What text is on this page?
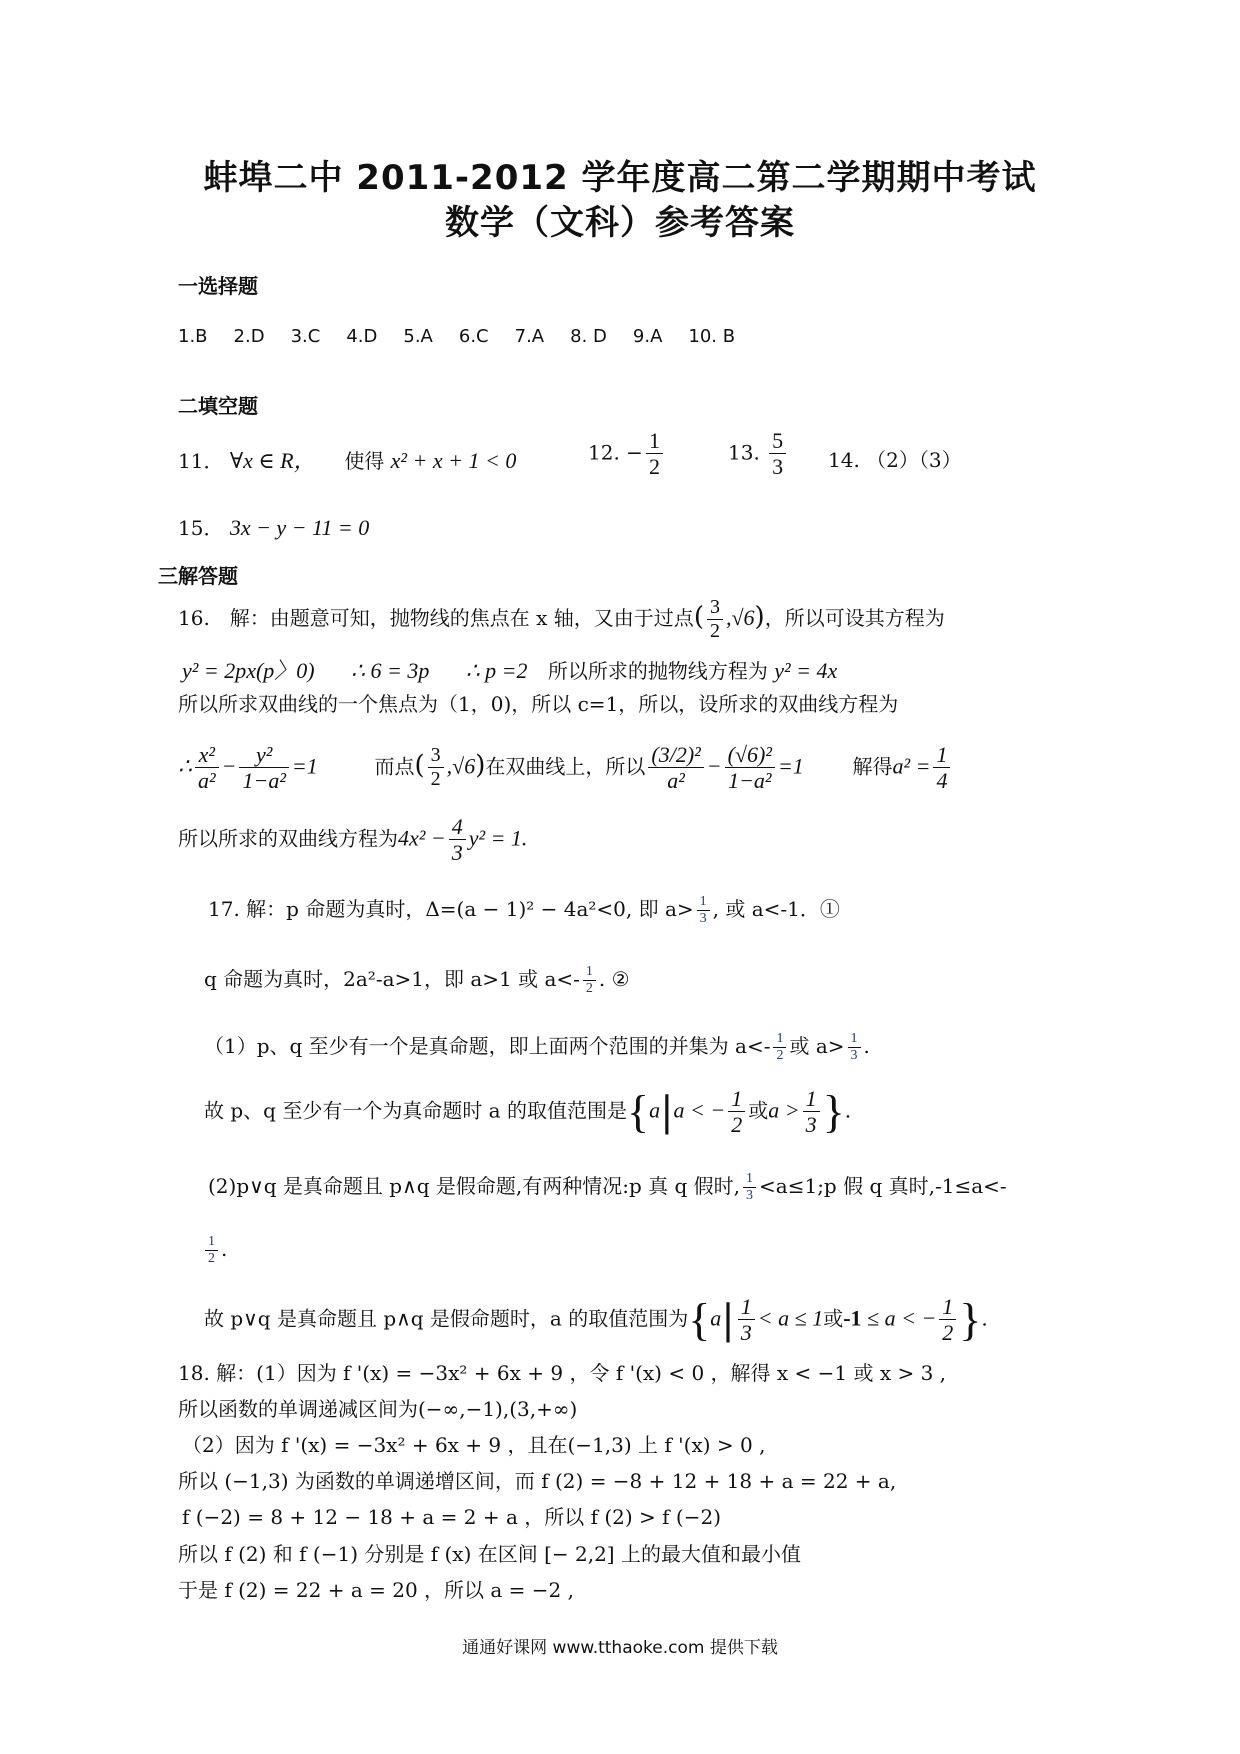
蚌埠二中 2011-2012 学年度高二第二学期期中考试
数学（文科）参考答案
一选择题
1.B 2.D 3.C 4.D 5.A 6.C 7.A 8. D 9.A 10. B
二填空题
11． ∀x ∈ R， 使得 x² + x + 1 < 0	12. − $\frac{1}{2}$	13. $\frac{5}{3} 14$. （2）（3）
15． 3x − y − 11 = 0
三解答题
16.　解：由题意可知，抛物线的焦点在 x 轴，又由于过点( $\frac{3}{2} ,√6$)，所以可设其方程为
y² = 2px(p〉0) ∴ 6 = 3p ∴ p =2 所以所求的抛物线方程为 y² = 4x
所以所求双曲线的一个焦点为（1，0)，所以 c=1，所以，设所求的双曲线方程为
∴ $\frac{\text{x²}}{\text{a²}} - \frac{\text{y²}}{\text{1−a²}} =1$	而点( $\frac{3}{2} ,√6$)在双曲线上，所以 $\frac{\text{(3/2)²}}{\text{a²}} - \frac{\text{(√6)²}}{\text{1−a²}} =1$ 解得$a^2 = \frac{1}{4}$
所以所求的双曲线方程为$4x^2 - \frac{4}{3} y^2 = 1$.
17. 解：p 命题为真时，Δ=(a − 1)² − 4a²<0, 即 $a> \frac{1}{3}$ , 或 a<-1．①
q 命题为真时，2a²-a>1，即 a>1 或 $a<- \frac{1}{2}$ . ②
（1）p、q 至少有一个是真命题，即上面两个范围的并集为 $a<- \frac{1}{2}$ 或 $a> \frac{1}{3}$ .
故 p、q 至少有一个为真命题时 a 的取值范围是{a|a < − $\frac{1}{2}$ 或$a > \frac{1}{3}$ }.
(2)p∨q 是真命题且 p∧q 是假命题,有两种情况:p 真 q 假时, $\frac{1}{3}$ <a≤1;p 假 q 真时,-1≤a<-
$\frac{1}{2}$ .
故 p∨q 是真命题且 p∧q 是假命题时，a 的取值范围为{$a| \frac{1}{3} < a \le 1$或-1 ≤ a < − $\frac{1}{2}$ }.
18. 解：(1）因为 f '(x) = −3x² + 6x + 9 ，令 f '(x) < 0 ，解得 x < −1 或 x > 3 ,
所以函数的单调递减区间为(−∞,−1),(3,+∞)
（2）因为 f '(x) = −3x² + 6x + 9 ，且在(−1,3) 上 f '(x) > 0 ,
所以 (−1,3) 为函数的单调递增区间，而 f (2) = −8 + 12 + 18 + a = 22 + a,
f (−2) = 8 + 12 − 18 + a = 2 + a ，所以 f (2) > f (−2)
所以 f (2) 和 f (−1) 分别是 f (x) 在区间 [− 2,2] 上的最大值和最小值
于是 f (2) = 22 + a = 20 ，所以 a = −2 ,
通通好课网 www.tthaoke.com 提供下载
